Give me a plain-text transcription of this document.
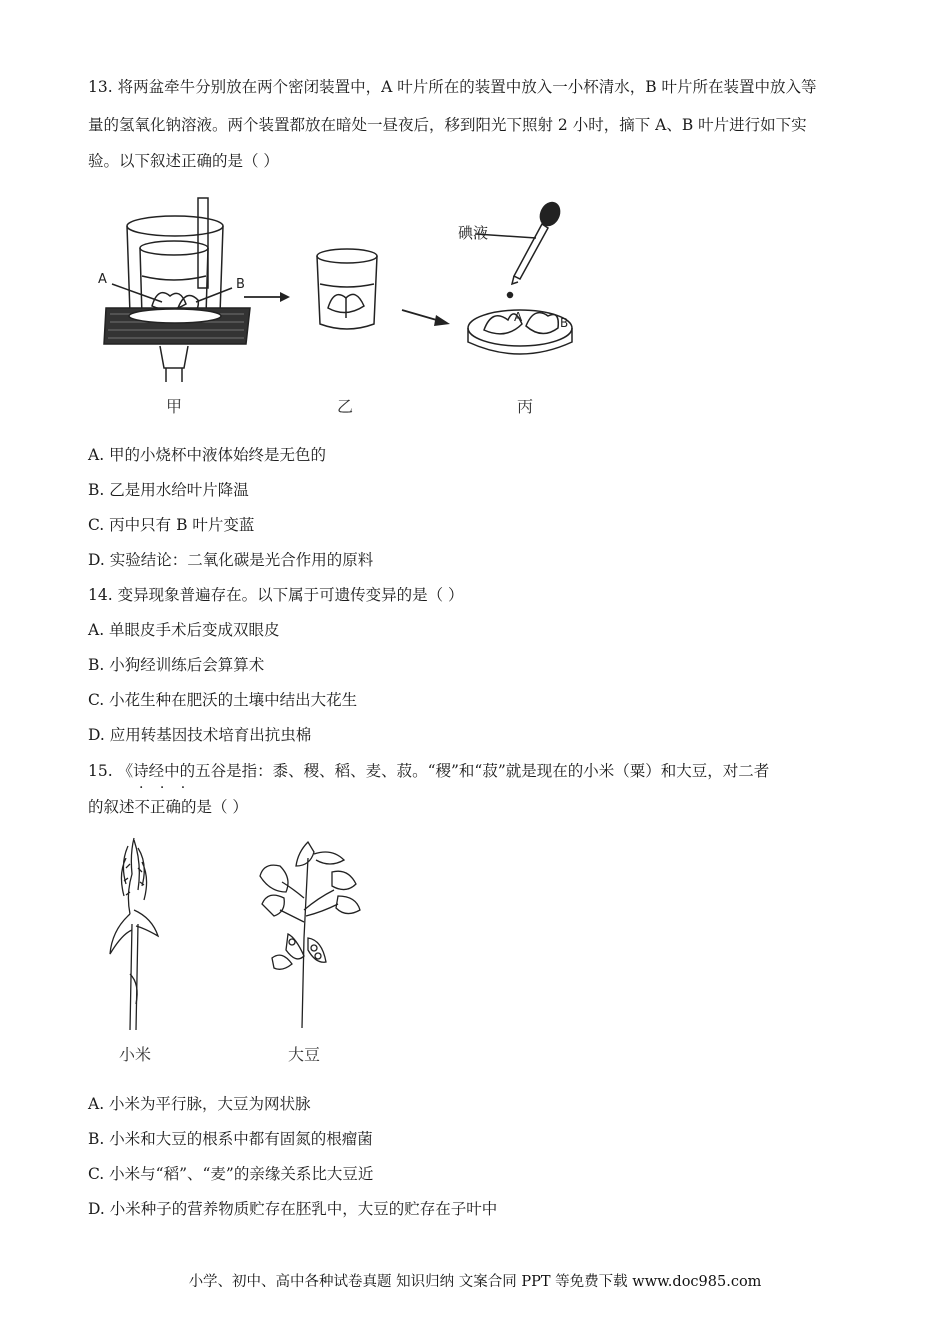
13. 将两盆牵牛分别放在两个密闭装置中，A 叶片所在的装置中放入一小杯清水，B 叶片所在装置中放入等
量的氢氧化钠溶液。两个装置都放在暗处一昼夜后，移到阳光下照射 2 小时，摘下 A、B 叶片进行如下实
验。以下叙述正确的是（ ）
A	B
碘液
A	B
甲	乙	丙
A. 甲的小烧杯中液体始终是无色的
B. 乙是用水给叶片降温
C. 丙中只有 B 叶片变蓝
D. 实验结论：二氧化碳是光合作用的原料
14. 变异现象普遍存在。以下属于可遗传变异的是（ ）
A. 单眼皮手术后变成双眼皮
B. 小狗经训练后会算算术
C. 小花生种在肥沃的土壤中结出大花生
D. 应用转基因技术培育出抗虫棉
15. 《诗经中的五谷是指：黍、稷、稻、麦、菽。“稷”和“菽”就是现在的小米（粟）和大豆，对二者
· · ·
的叙述不正确的是（ ）
小米	大豆
A. 小米为平行脉，大豆为网状脉
B. 小米和大豆的根系中都有固氮的根瘤菌
C. 小米与“稻”、“麦”的亲缘关系比大豆近
D. 小米种子的营养物质贮存在胚乳中，大豆的贮存在子叶中
小学、初中、高中各种试卷真题 知识归纳 文案合同 PPT 等免费下载 www.doc985.com
